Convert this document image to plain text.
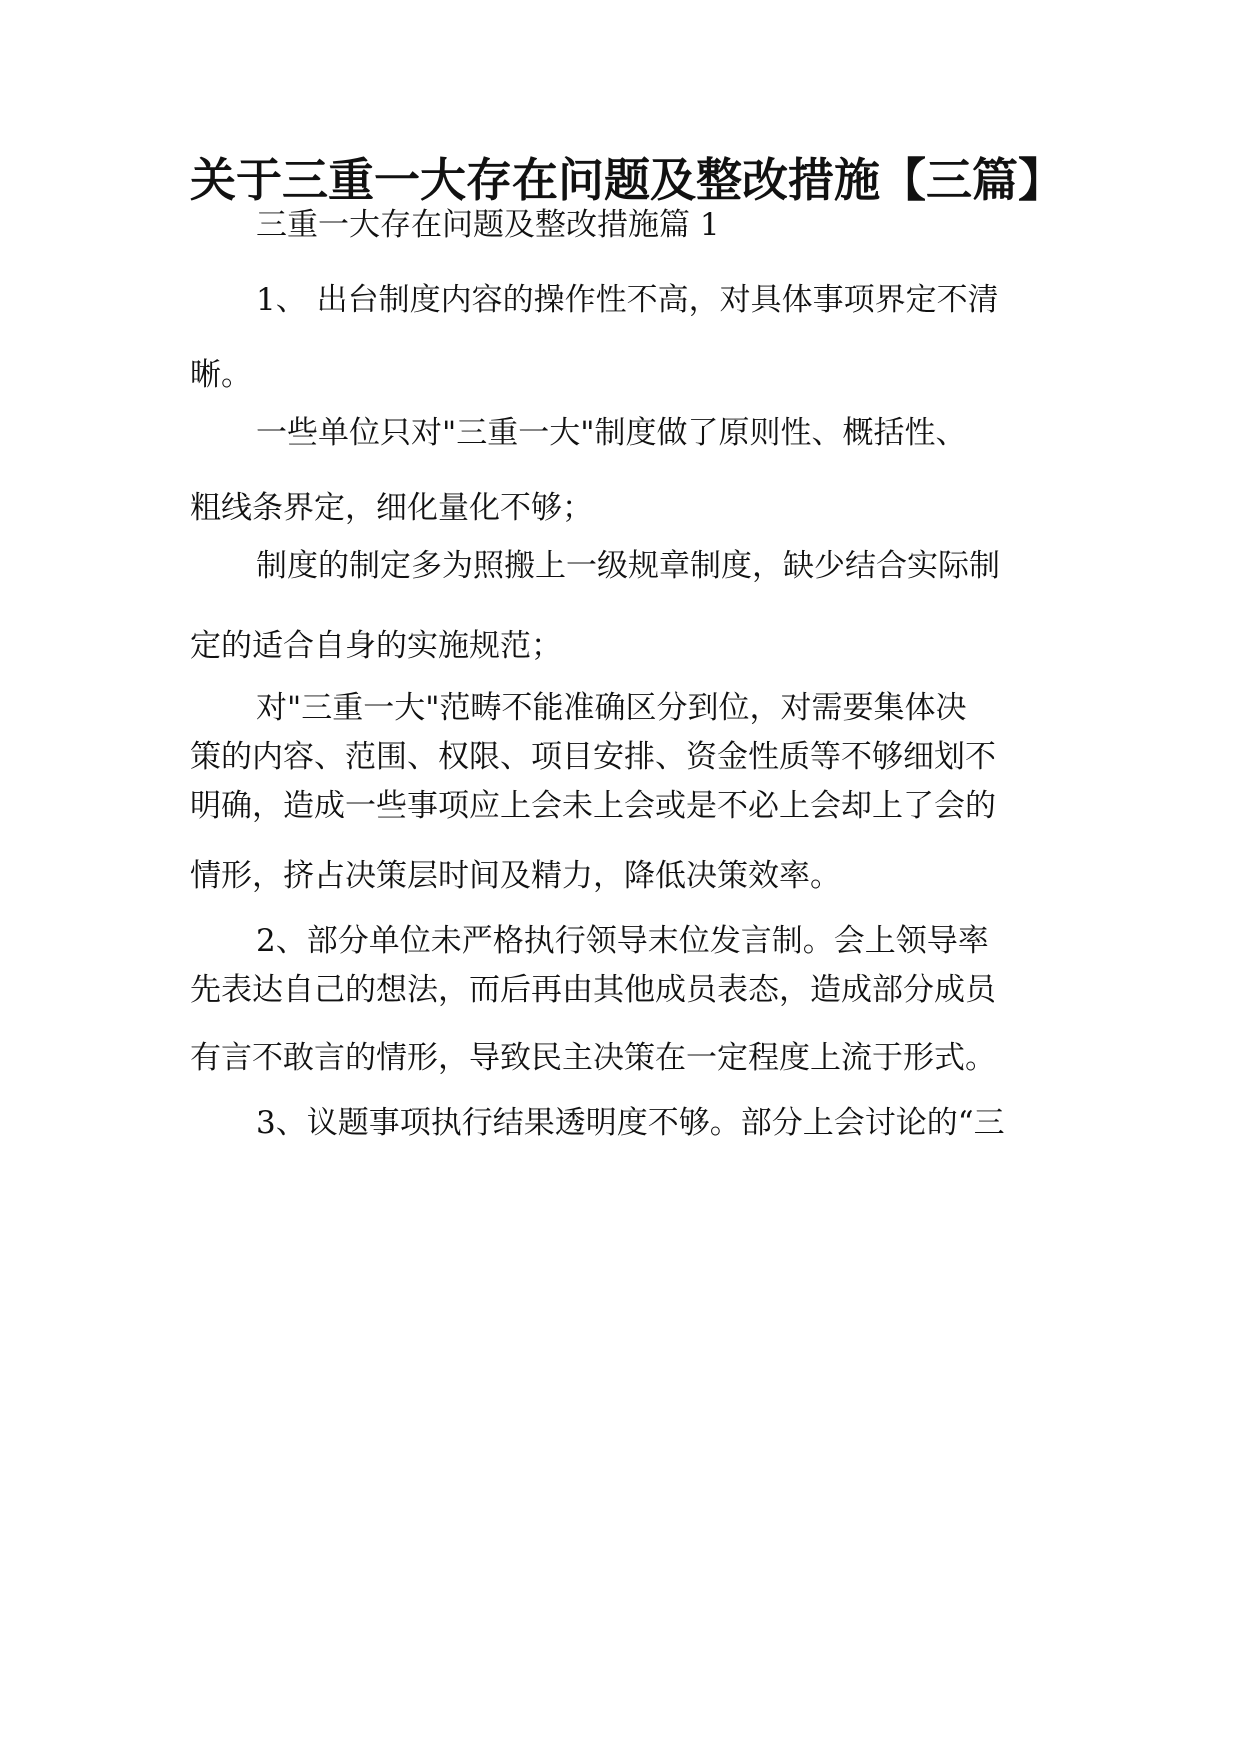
关于三重一大存在问题及整改措施【三篇】
三重一大存在问题及整改措施篇 1
1、 出台制度内容的操作性不高，对具体事项界定不清
晰。
一些单位只对"三重一大"制度做了原则性、概括性、
粗线条界定，细化量化不够；
制度的制定多为照搬上一级规章制度，缺少结合实际制
定的适合自身的实施规范；
对"三重一大"范畴不能准确区分到位，对需要集体决
策的内容、范围、权限、项目安排、资金性质等不够细划不
明确，造成一些事项应上会未上会或是不必上会却上了会的
情形，挤占决策层时间及精力，降低决策效率。
2、部分单位未严格执行领导末位发言制。会上领导率
先表达自己的想法，而后再由其他成员表态，造成部分成员
有言不敢言的情形，导致民主决策在一定程度上流于形式。
3、议题事项执行结果透明度不够。部分上会讨论的“三
